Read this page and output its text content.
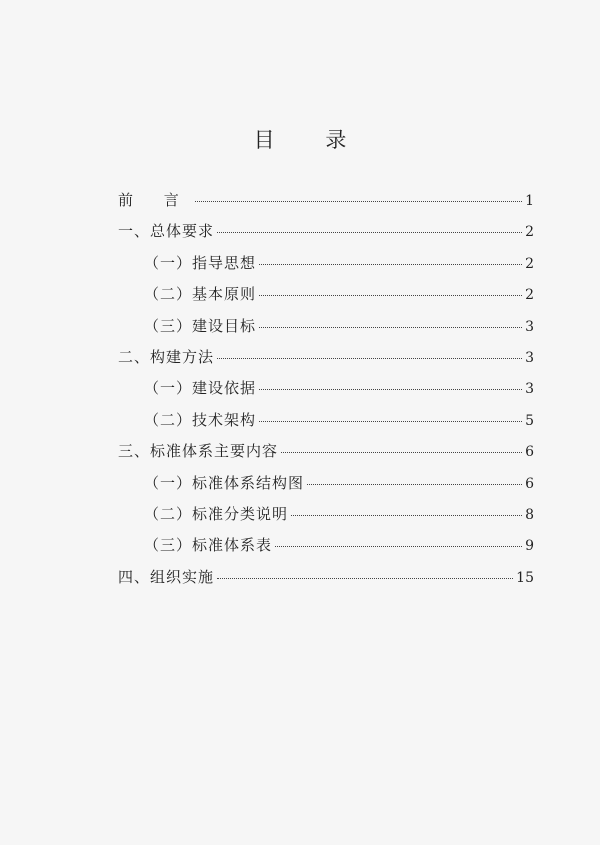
目 录
前 言	1
一、总体要求	2
（一）指导思想	2
（二）基本原则	2
（三）建设目标	3
二、构建方法	3
（一）建设依据	3
（二）技术架构	5
三、标准体系主要内容	6
（一）标准体系结构图	6
（二）标准分类说明	8
（三）标准体系表	9
四、组织实施	15
